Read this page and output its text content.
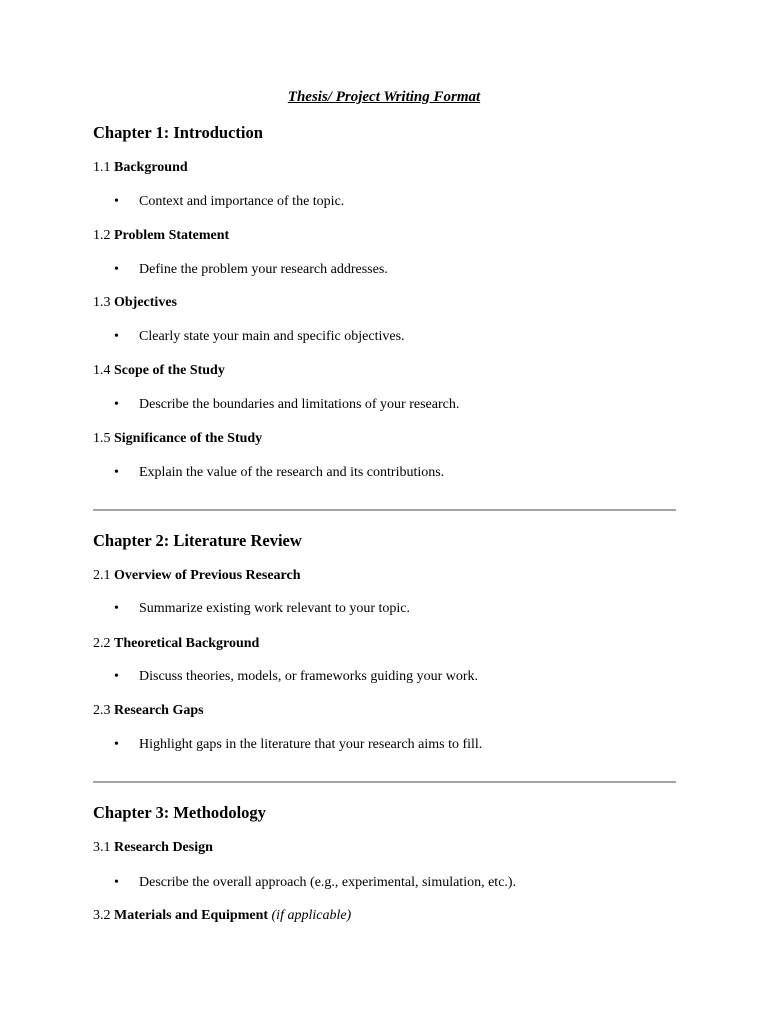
Thesis/ Project Writing Format
Chapter 1: Introduction
1.1 Background
• Context and importance of the topic.
1.2 Problem Statement
• Define the problem your research addresses.
1.3 Objectives
• Clearly state your main and specific objectives.
1.4 Scope of the Study
• Describe the boundaries and limitations of your research.
1.5 Significance of the Study
• Explain the value of the research and its contributions.
Chapter 2: Literature Review
2.1 Overview of Previous Research
• Summarize existing work relevant to your topic.
2.2 Theoretical Background
• Discuss theories, models, or frameworks guiding your work.
2.3 Research Gaps
• Highlight gaps in the literature that your research aims to fill.
Chapter 3: Methodology
3.1 Research Design
• Describe the overall approach (e.g., experimental, simulation, etc.).
3.2 Materials and Equipment (if applicable)
